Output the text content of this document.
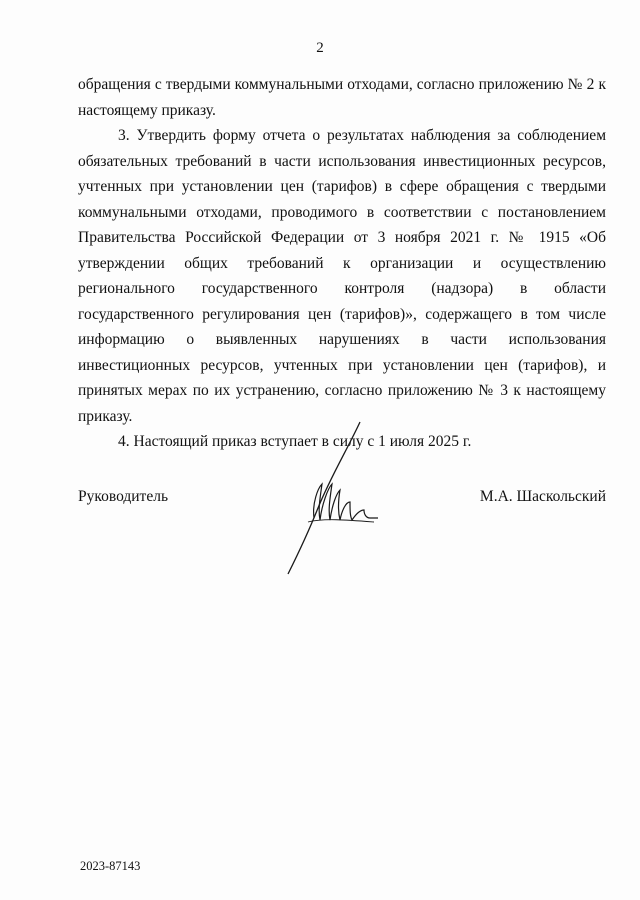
2

обращения с твердыми коммунальными отходами, согласно приложению № 2 к настоящему приказу.

3. Утвердить форму отчета о результатах наблюдения за соблюдением обязательных требований в части использования инвестиционных ресурсов, учтенных при установлении цен (тарифов) в сфере обращения с твердыми коммунальными отходами, проводимого в соответствии с постановлением Правительства Российской Федерации от 3 ноября 2021 г. № 1915 «Об утверждении общих требований к организации и осуществлению регионального государственного контроля (надзора) в области государственного регулирования цен (тарифов)», содержащего в том числе информацию о выявленных нарушениях в части использования инвестиционных ресурсов, учтенных при установлении цен (тарифов), и принятых мерах по их устранению, согласно приложению № 3 к настоящему приказу.

4. Настоящий приказ вступает в силу с 1 июля 2025 г.

Руководитель	М.А. Шаскольский
2023-87143
